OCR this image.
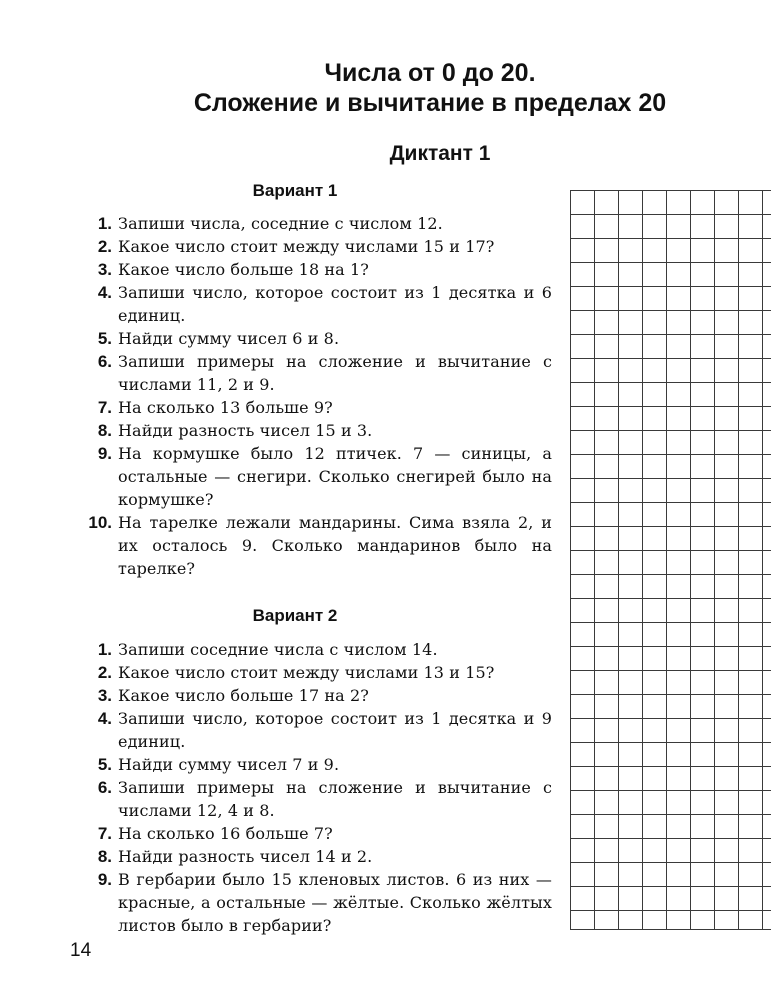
Числа от 0 до 20.
Сложение и вычитание в пределах 20
Диктант 1
Вариант 1
1. Запиши числа, соседние с числом 12.
2. Какое число стоит между числами 15 и 17?
3. Какое число больше 18 на 1?
4. Запиши число, которое состоит из 1 десятка и 6 единиц.
5. Найди сумму чисел 6 и 8.
6. Запиши примеры на сложение и вычитание с числами 11, 2 и 9.
7. На сколько 13 больше 9?
8. Найди разность чисел 15 и 3.
9. На кормушке было 12 птичек. 7 — синицы, а остальные — снегири. Сколько снегирей было на кормушке?
10. На тарелке лежали мандарины. Сима взяла 2, и их осталось 9. Сколько мандаринов было на тарелке?
Вариант 2
1. Запиши соседние числа с числом 14.
2. Какое число стоит между числами 13 и 15?
3. Какое число больше 17 на 2?
4. Запиши число, которое состоит из 1 десятка и 9 единиц.
5. Найди сумму чисел 7 и 9.
6. Запиши примеры на сложение и вычитание с числами 12, 4 и 8.
7. На сколько 16 больше 7?
8. Найди разность чисел 14 и 2.
9. В гербарии было 15 кленовых листов. 6 из них — красные, а остальные — жёлтые. Сколько жёлтых листов было в гербарии?
14
